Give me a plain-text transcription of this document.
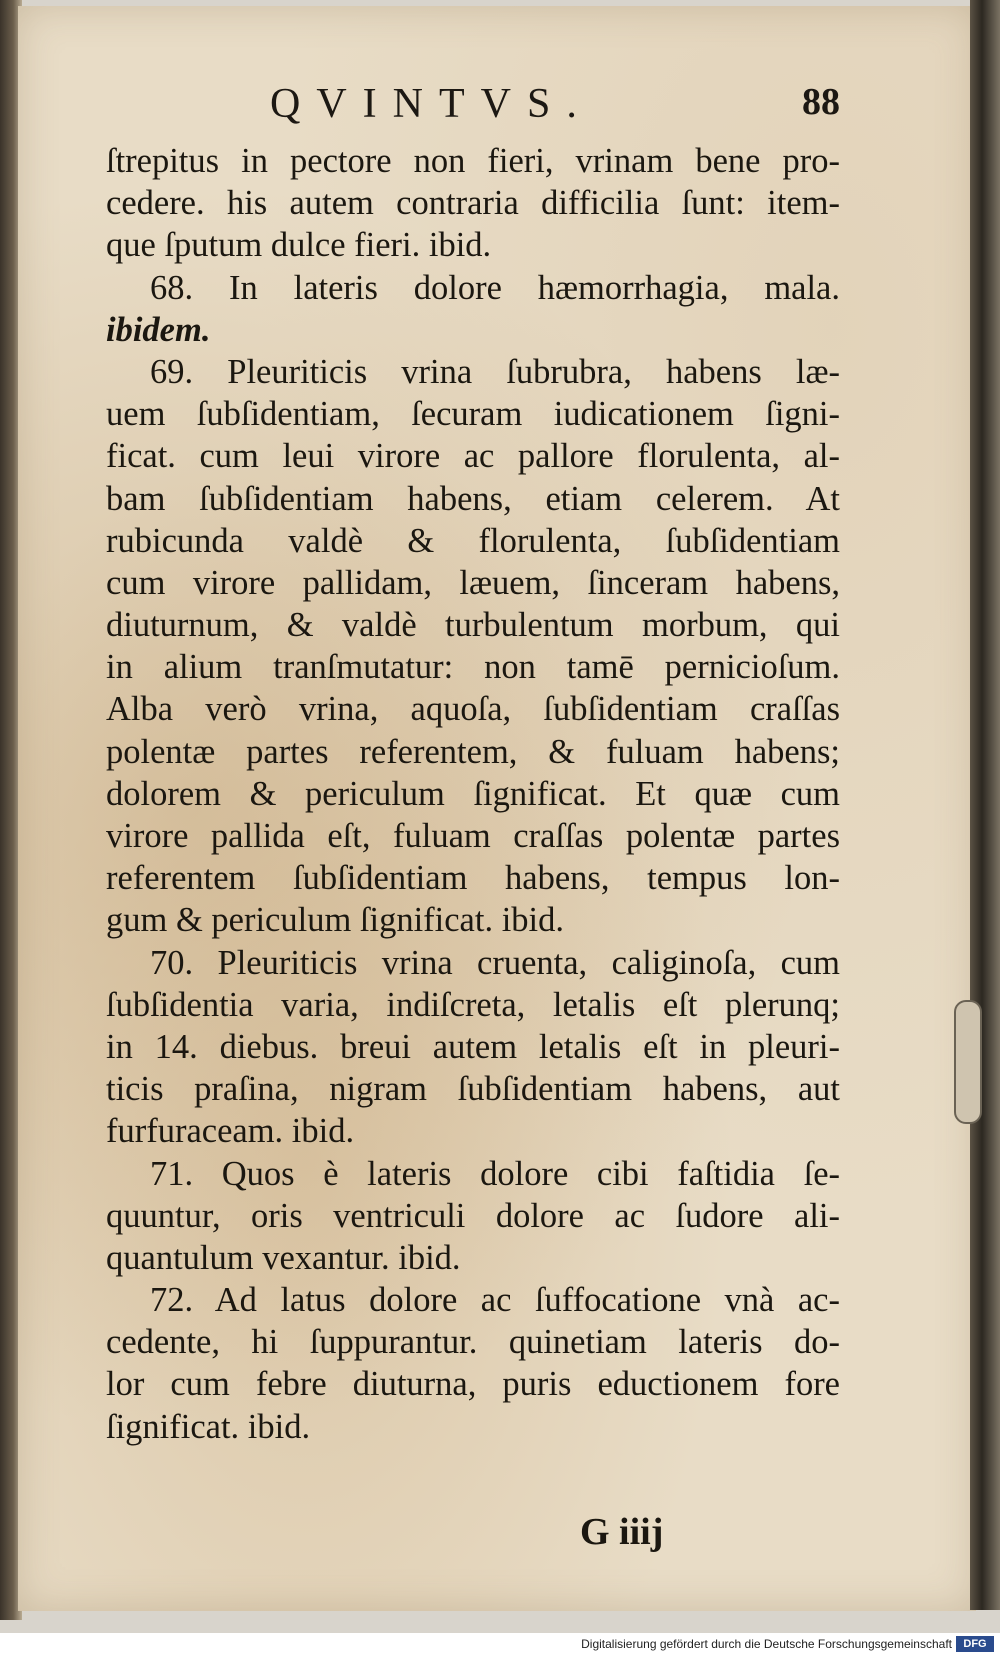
QVINTVS.	88
ſtrepitus in pectore non fieri, vrinam bene pro-
cedere. his autem contraria difficilia ſunt: item-
que ſputum dulce fieri. ibid.
68. In lateris dolore hæmorrhagia, mala.
ibidem.
69. Pleuriticis vrina ſubrubra, habens læ-
uem ſubſidentiam, ſecuram iudicationem ſigni-
ficat. cum leui virore ac pallore florulenta, al-
bam ſubſidentiam habens, etiam celerem. At
rubicunda valdè & florulenta, ſubſidentiam
cum virore pallidam, læuem, ſinceram habens,
diuturnum, & valdè turbulentum morbum, qui
in alium tranſmutatur: non tamē pernicioſum.
Alba verò vrina, aquoſa, ſubſidentiam craſſas
polentæ partes referentem, & fuluam habens;
dolorem & periculum ſignificat. Et quæ cum
virore pallida eſt, fuluam craſſas polentæ partes
referentem ſubſidentiam habens, tempus lon-
gum & periculum ſignificat. ibid.
70. Pleuriticis vrina cruenta, caliginoſa, cum
ſubſidentia varia, indiſcreta, letalis eſt plerunq;
in 14. diebus. breui autem letalis eſt in pleuri-
ticis praſina, nigram ſubſidentiam habens, aut
furfuraceam. ibid.
71. Quos è lateris dolore cibi faſtidia ſe-
quuntur, oris ventriculi dolore ac ſudore ali-
quantulum vexantur. ibid.
72. Ad latus dolore ac ſuffocatione vnà ac-
cedente, hi ſuppurantur. quinetiam lateris do-
lor cum febre diuturna, puris eductionem fore
ſignificat. ibid.
G iiij
Digitalisierung gefördert durch die Deutsche Forschungsgemeinschaft	DFG
